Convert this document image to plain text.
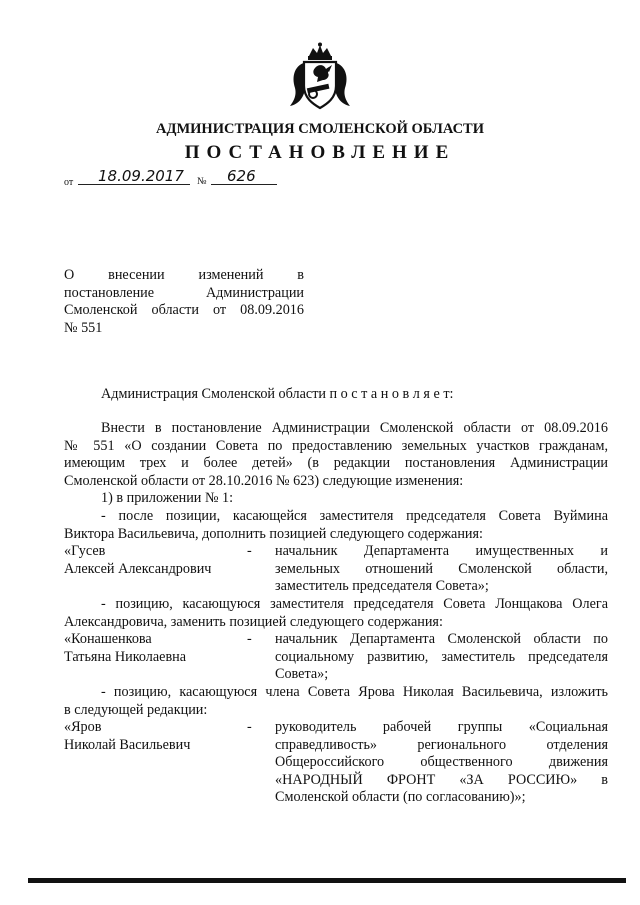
АДМИНИСТРАЦИЯ СМОЛЕНСКОЙ ОБЛАСТИ
ПОСТАНОВЛЕНИЕ
от 18.09.2017 № 626
О внесении изменений в
постановление Администрации
Смоленской области от 08.09.2016
№ 551
Администрация Смоленской области п о с т а н о в л я е т:
Внести в постановление Администрации Смоленской области от 08.09.2016
№ 551 «О создании Совета по предоставлению земельных участков гражданам,
имеющим трех и более детей» (в редакции постановления Администрации
Смоленской области от 28.10.2016 № 623) следующие изменения:
1) в приложении № 1:
- после позиции, касающейся заместителя председателя Совета Вуймина
Виктора Васильевича, дополнить позицией следующего содержания:
«Гусев
Алексей Александрович
- начальник Департамента имущественных и
земельных отношений Смоленской области,
заместитель председателя Совета»;
- позицию, касающуюся заместителя председателя Совета Лонщакова Олега
Александровича, заменить позицией следующего содержания:
«Конашенкова
Татьяна Николаевна
- начальник Департамента Смоленской области по
социальному развитию, заместитель председателя
Совета»;
- позицию, касающуюся члена Совета Ярова Николая Васильевича, изложить
в следующей редакции:
«Яров
Николай Васильевич
- руководитель рабочей группы «Социальная
справедливость» регионального отделения
Общероссийского общественного движения
«НАРОДНЫЙ ФРОНТ «ЗА РОССИЮ» в
Смоленской области (по согласованию)»;
